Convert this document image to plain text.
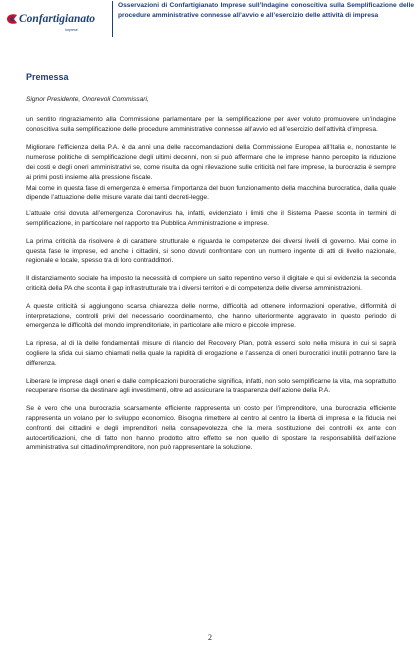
Confartigianato
Imprese

Osservazioni di Confartigianato Imprese sull’Indagine conoscitiva sulla Semplificazione delle procedure amministrative connesse all’avvio e all’esercizio delle attività di impresa

Premessa

Signor Presidente, Onorevoli Commissari,

un sentito ringraziamento alla Commissione parlamentare per la semplificazione per aver voluto promuovere un’indagine conoscitiva sulla semplificazione delle procedure amministrative connesse all’avvio ed all’esercizio dell’attività d’impresa.

Migliorare l’efficienza della P.A. è da anni una delle raccomandazioni della Commissione Europea all’Italia e, nonostante le numerose politiche di semplificazione degli ultimi decenni, non si può affermare che le imprese hanno percepito la riduzione dei costi e degli oneri amministrativi se, come risulta da ogni rilevazione sulle criticità nel fare imprese, la burocrazia è sempre ai primi posti insieme alla pressione fiscale.

Mai come in questa fase di emergenza è emersa l’importanza del buon funzionamento della macchina burocratica, dalla quale dipende l’attuazione delle misure varate dai tanti decreti-legge.

L’attuale crisi dovuta all’emergenza Coronavirus ha, infatti, evidenziato i limiti che il Sistema Paese sconta in termini di semplificazione, in particolare nel rapporto tra Pubblica Amministrazione e imprese.

La prima criticità da risolvere è di carattere strutturale e riguarda le competenze dei diversi livelli di governo. Mai come in questa fase le imprese, ed anche i cittadini, si sono dovuti confrontare con un numero ingente di atti di livello nazionale, regionale e locale, spesso tra di loro contraddittori.

Il distanziamento sociale ha imposto la necessità di compiere un salto repentino verso il digitale e qui si evidenzia la seconda criticità della PA che sconta il gap infrastrutturale tra i diversi territori e di competenza delle diverse amministrazioni.

A queste criticità si aggiungono scarsa chiarezza delle norme, difficoltà ad ottenere informazioni operative, difformità di interpretazione, controlli privi del necessario coordinamento, che hanno ulteriormente aggravato in questo periodo di emergenza le difficoltà del mondo imprenditoriale, in particolare alle micro e piccole imprese.

La ripresa, al di là delle fondamentali misure di rilancio del Recovery Plan, potrà esserci solo nella misura in cui si saprà cogliere la sfida cui siamo chiamati nella quale la rapidità di erogazione e l’assenza di oneri burocratici inutili potranno fare la differenza.

Liberare le imprese dagli oneri e dalle complicazioni burocratiche significa, infatti, non solo semplificarne la vita, ma soprattutto recuperare risorse da destinare agli investimenti, oltre ad assicurare la trasparenza dell’azione della P.A.

Se è vero che una burocrazia scarsamente efficiente rappresenta un costo per l’imprenditore, una burocrazia efficiente rappresenta un volano per lo sviluppo economico. Bisogna rimettere al centro al centro la libertà di impresa e la fiducia nei confronti dei cittadini e degli imprenditori nella consapevolezza che la mera sostituzione dei controlli ex ante con autocertificazioni, che di fatto non hanno prodotto altro effetto se non quello di spostare la responsabilità dell’azione amministrativa sul cittadino/imprenditore, non può rappresentare la soluzione.

2
